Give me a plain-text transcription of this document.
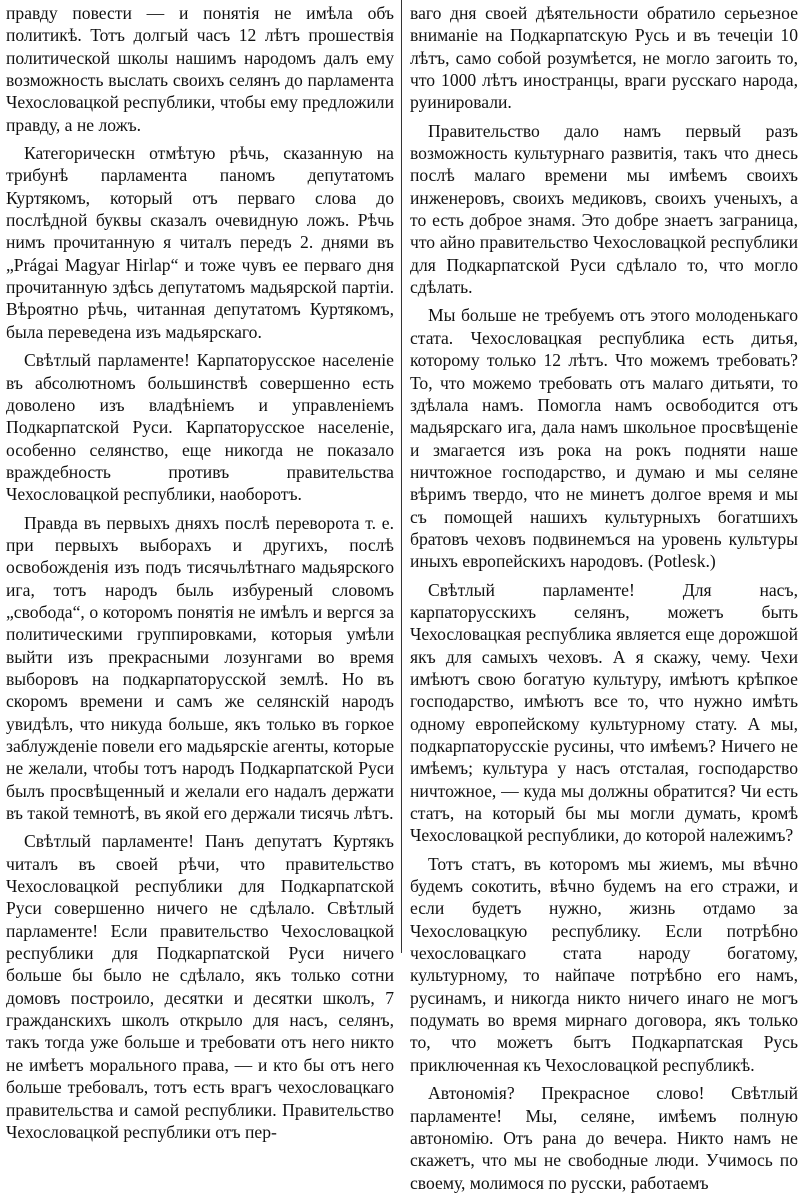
правду повести — и понятія не имѣла объ политикѣ. Тотъ долгый часъ 12 лѣтъ прошествія политической школы нашимъ народомъ далъ ему возможность выслать своихъ селянъ до парламента Чехословацкой республики, чтобы ему предложили правду, а не ложъ.

Категорическн отмѣтую рѣчь, сказанную на трибунѣ парламента паномъ депутатомъ Куртякомъ, который отъ перваго слова до послѣдной буквы сказалъ очевидную ложъ. Рѣчь нимъ прочитанную я читалъ передъ 2. днями въ „Prágai Magyar Hirlap“ и тоже чувъ ее перваго дня прочитанную здѣсь депутатомъ мадьярской партіи. Вѣроятно рѣчь, читанная депутатомъ Куртякомъ, была переведена изъ мадьярскаго.

Свѣтлый парламенте! Карпаторусское населеніе въ абсолютномъ большинствѣ совершенно есть доволено изъ владѣніемъ и управленіемъ Подкарпатской Руси. Карпаторусское населеніе, особенно селянство, еще никогда не показало враждебность противъ правительства Чехословацкой республики, наоборотъ.

Правда въ первыхъ дняхъ послѣ переворота т. е. при первыхъ выборахъ и другихъ, послѣ освобожденія изъ подъ тисячьлѣтнаго мадьярского ига, тотъ народъ быль избуреный словомъ „свобода“, о которомъ понятія не имѣлъ и вергся за политическими группировками, которыя умѣли выйти изъ прекрасными лозунгами во время выборовъ на подкарпаторусской землѣ. Но въ скоромъ времени и самъ же селянскій народъ увидѣлъ, что никуда больше, якъ только въ горкое заблужденіе повели его мадьярскіе агенты, которые не желали, чтобы тотъ народъ Подкарпатской Руси былъ просвѣщенный и желали его надалъ держати въ такой темнотѣ, въ якой его держали тисячь лѣтъ.

Свѣтлый парламенте! Панъ депутатъ Куртякъ читалъ въ своей рѣчи, что правительство Чехословацкой республики для Подкарпатской Руси совершенно ничего не сдѣлало. Свѣтлый парламенте! Если правительство Чехословацкой республики для Подкарпатской Руси ничего больше бы было не сдѣлало, якъ только сотни домовъ построило, десятки и десятки школъ, 7 гражданскихъ школъ открыло для насъ, селянъ, такъ тогда уже больше и требовати отъ него никто не имѣетъ морального права, — и кто бы отъ него больше требовалъ, тотъ есть врагъ чехословацкаго правительства и самой республики. Правительство Чехословацкой республики отъ пер-

ваго дня своей дѣятельности обратило серьезное вниманіе на Подкарпатскую Русь и въ течеціи 10 лѣтъ, само собой розумѣется, не могло загоить то, что 1000 лѣтъ иностранцы, враги русскаго народа, руинировали.

Правительство дало намъ первый разъ возможность культурнаго развитія, такъ что днесь послѣ малаго времени мы имѣемъ своихъ инженеровъ, своихъ медиковъ, своихъ ученыхъ, а то есть доброе знамя. Это добре знаетъ заграница, что айно правительство Чехословацкой республики для Подкарпатской Руси сдѣлало то, что могло сдѣлать.

Мы больше не требуемъ отъ этого молоденькаго стата. Чехословацкая республика есть дитья, которому только 12 лѣтъ. Что можемъ требовать? То, что можемо требовать отъ малаго дитьяти, то здѣлала намъ. Помогла намъ освободится отъ мадьярскаго ига, дала намъ школьное просвѣщеніе и змагается изъ рока на рокъ подняти наше ничтожное господарство, и думаю и мы селяне вѣримъ твердо, что не минетъ долгое время и мы съ помощей нашихъ культурныхъ богатшихъ братовъ чеховъ подвинемъся на уровень культуры иныхъ европейскихъ народовъ. (Potlesk.)

Свѣтлый парламенте! Для насъ, карпаторусскихъ селянъ, можетъ быть Чехословацкая республика является еще дорожшой якъ для самыхъ чеховъ. А я скажу, чему. Чехи имѣютъ свою богатую культуру, имѣютъ крѣпкое господарство, имѣютъ все то, что нужно имѣть одному европейскому культурному стату. А мы, подкарпаторусскіе русины, что имѣемъ? Ничего не имѣемъ; культура у насъ отсталая, господарство ничтожное, — куда мы должны обратится? Чи есть статъ, на который бы мы могли думать, кромѣ Чехословацкой республики, до которой належимъ?

Тотъ статъ, въ которомъ мы жиемъ, мы вѣчно будемъ сокотить, вѣчно будемъ на его стражи, и если будетъ нужно, жизнь отдамо за Чехословацкую республику. Если потрѣбно чехословацкаго стата народу богатому, культурному, то найпаче потрѣбно его намъ, русинамъ, и никогда никто ничего инаго не могъ подумать во время мирнаго договора, якъ только то, что можетъ бытъ Подкарпатская Русь приключенная къ Чехословацкой республикѣ.

Автономія? Прекрасное слово! Свѣтлый парламенте! Мы, селяне, имѣемъ полную автономію. Отъ рана до вечера. Никто намъ не скажетъ, что мы не свободные люди. Учимось по своему, молимося по русски, работаемъ
